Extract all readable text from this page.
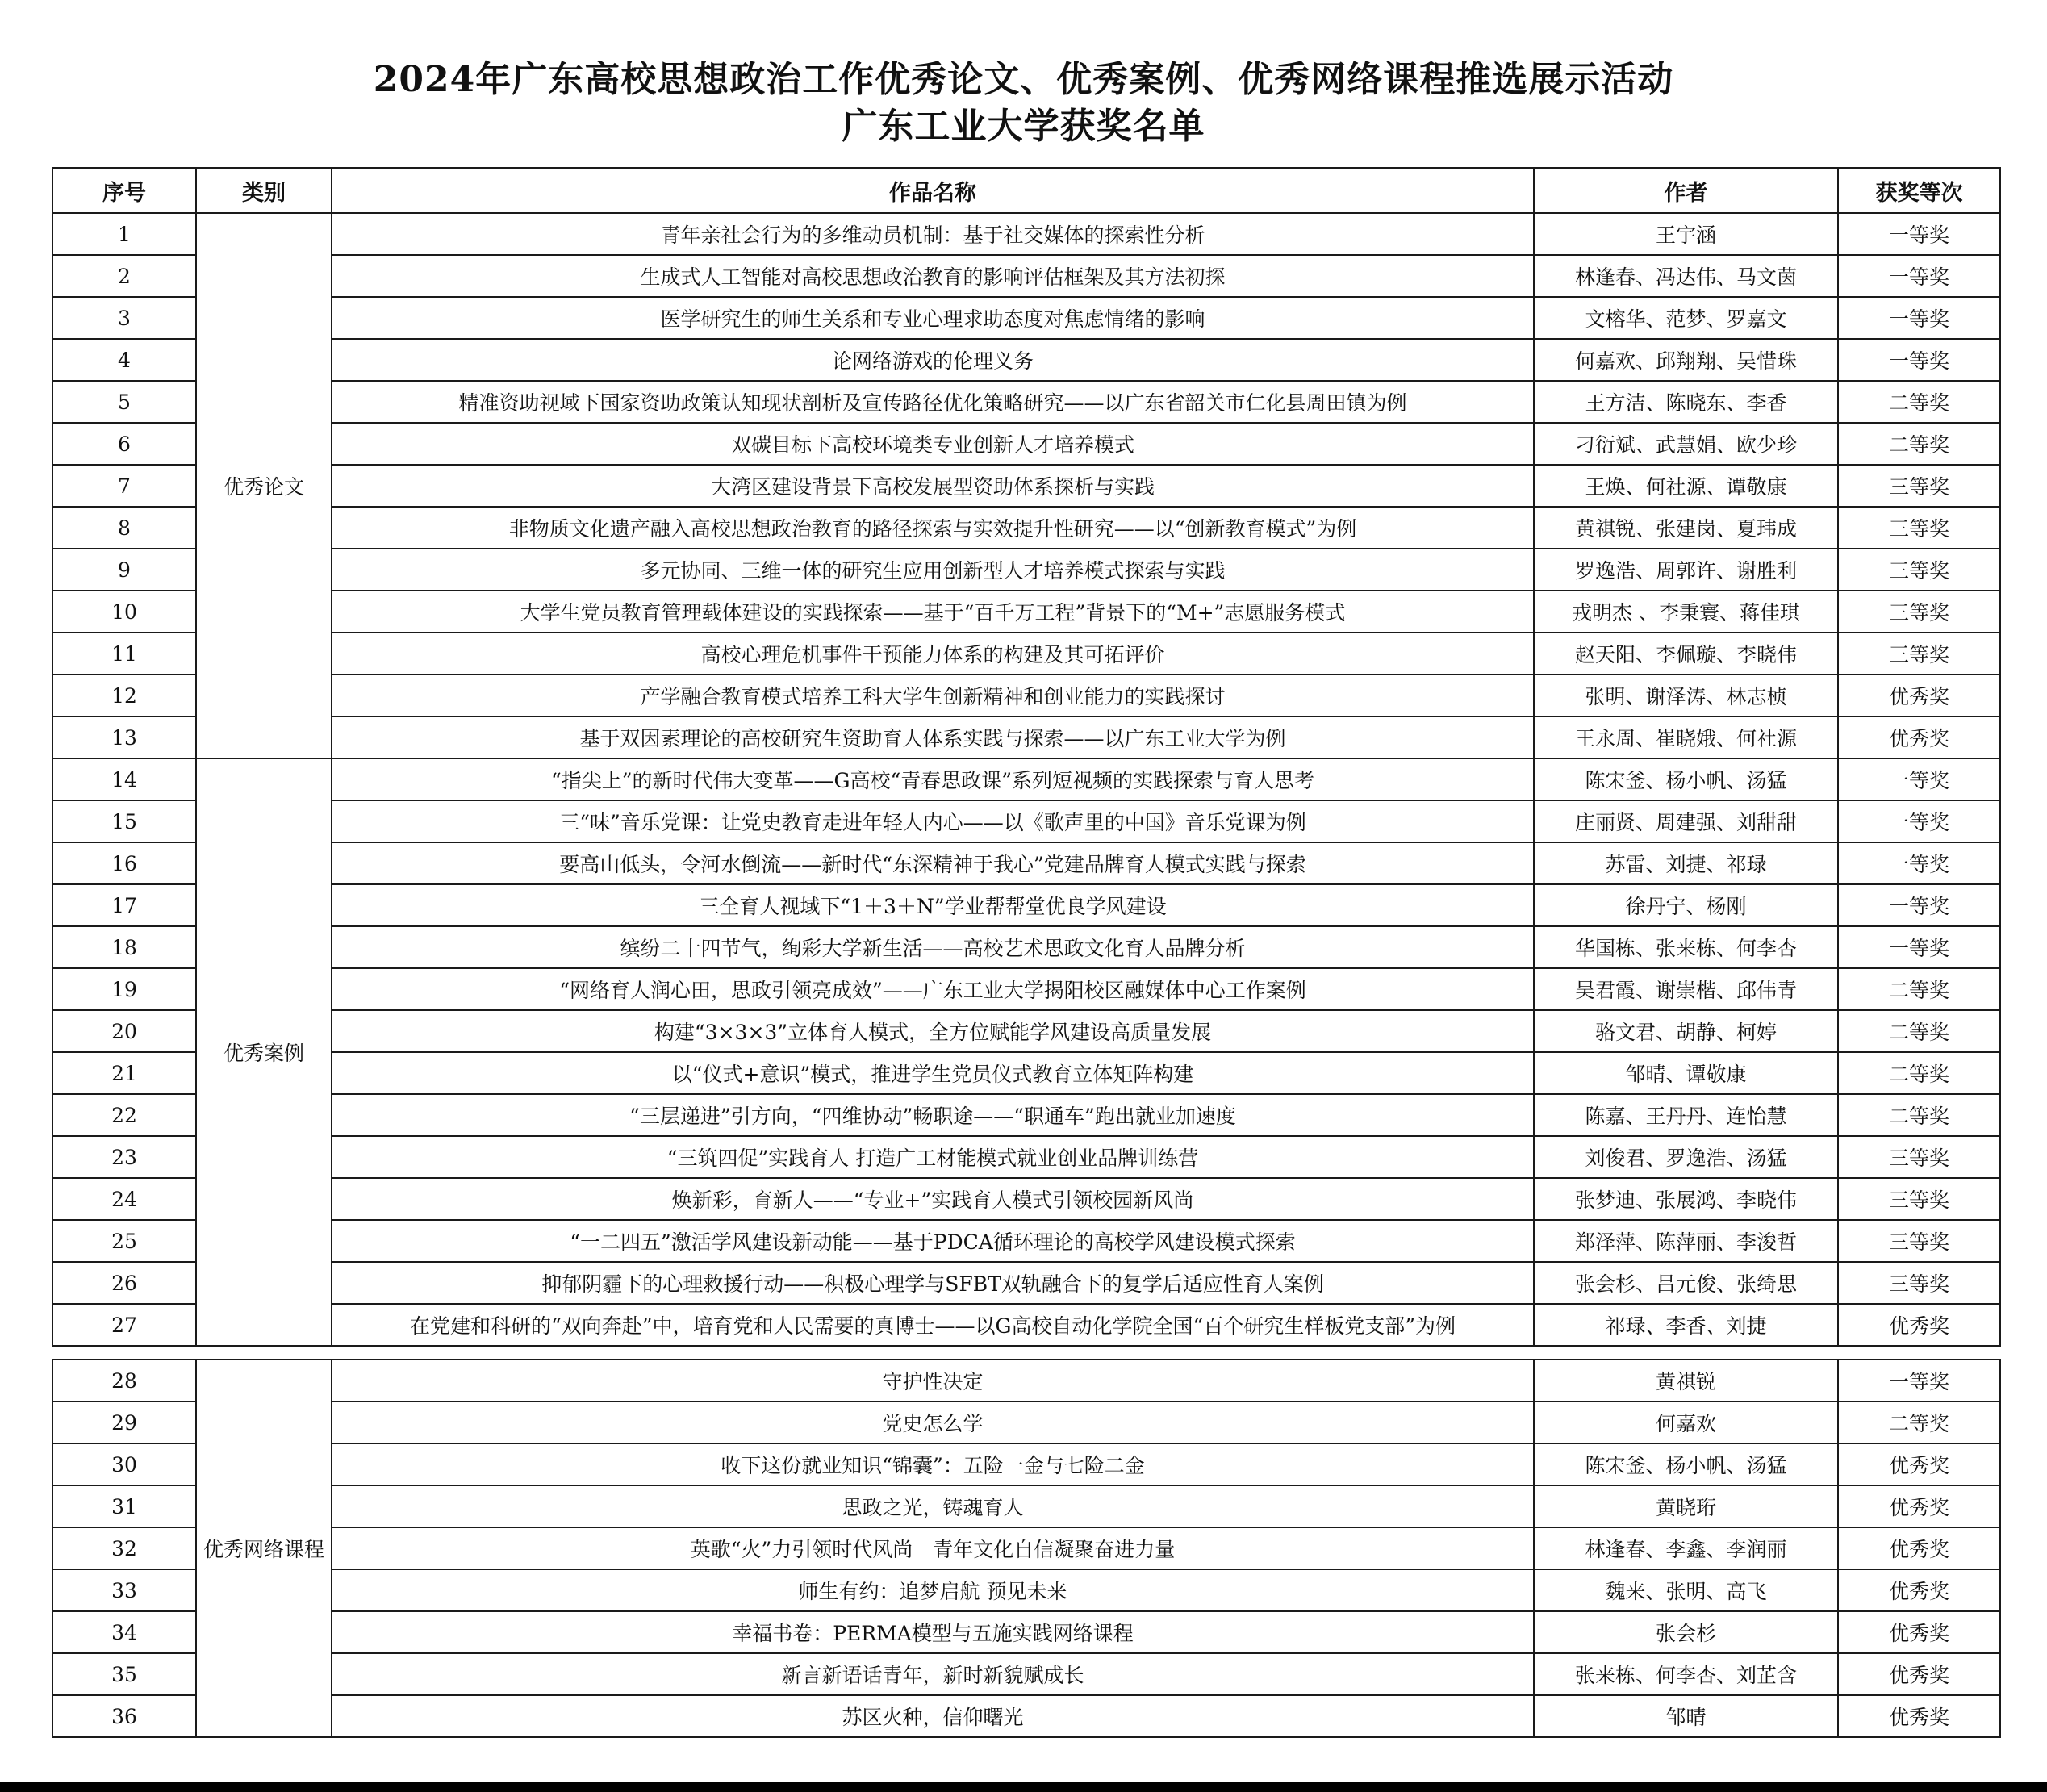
2024年广东高校思想政治工作优秀论文、优秀案例、优秀网络课程推选展示活动
广东工业大学获奖名单
序号	类别	作品名称	作者	获奖等次
1	优秀论文	青年亲社会行为的多维动员机制：基于社交媒体的探索性分析	王宇涵	一等奖
2		生成式人工智能对高校思想政治教育的影响评估框架及其方法初探	林逢春、冯达伟、马文茵	一等奖
3		医学研究生的师生关系和专业心理求助态度对焦虑情绪的影响	文榕华、范梦、罗嘉文	一等奖
4		论网络游戏的伦理义务	何嘉欢、邱翔翔、吴惜珠	一等奖
5		精准资助视域下国家资助政策认知现状剖析及宣传路径优化策略研究——以广东省韶关市仁化县周田镇为例	王方洁、陈晓东、李香	二等奖
6		双碳目标下高校环境类专业创新人才培养模式	刁衍斌、武慧娟、欧少珍	二等奖
7		大湾区建设背景下高校发展型资助体系探析与实践	王焕、何社源、谭敬康	三等奖
8		非物质文化遗产融入高校思想政治教育的路径探索与实效提升性研究——以“创新教育模式”为例	黄祺锐、张建岗、夏玮成	三等奖
9		多元协同、三维一体的研究生应用创新型人才培养模式探索与实践	罗逸浩、周郭许、谢胜利	三等奖
10		大学生党员教育管理载体建设的实践探索——基于“百千万工程”背景下的“M+”志愿服务模式	戎明杰 、李秉寰、蒋佳琪	三等奖
11		高校心理危机事件干预能力体系的构建及其可拓评价	赵天阳、李佩璇、李晓伟	三等奖
12		产学融合教育模式培养工科大学生创新精神和创业能力的实践探讨	张明、谢泽涛、林志桢	优秀奖
13		基于双因素理论的高校研究生资助育人体系实践与探索——以广东工业大学为例	王永周、崔晓娥、何社源	优秀奖
14	优秀案例	“指尖上”的新时代伟大变革——G高校“青春思政课”系列短视频的实践探索与育人思考	陈宋釜、杨小帆、汤猛	一等奖
15		三“味”音乐党课：让党史教育走进年轻人内心——以《歌声里的中国》音乐党课为例	庄丽贤、周建强、刘甜甜	一等奖
16		要高山低头，令河水倒流——新时代“东深精神于我心”党建品牌育人模式实践与探索	苏雷、刘捷、祁琭	一等奖
17		三全育人视域下“1＋3＋N”学业帮帮堂优良学风建设	徐丹宁、杨刚	一等奖
18		缤纷二十四节气，绚彩大学新生活——高校艺术思政文化育人品牌分析	华国栋、张来栋、何李杏	一等奖
19		“网络育人润心田，思政引领亮成效”——广东工业大学揭阳校区融媒体中心工作案例	吴君霞、谢崇楷、邱伟青	二等奖
20		构建“3×3×3”立体育人模式，全方位赋能学风建设高质量发展	骆文君、胡静、柯婷	二等奖
21		以“仪式+意识”模式，推进学生党员仪式教育立体矩阵构建	邹晴、谭敬康	二等奖
22		“三层递进”引方向，“四维协动”畅职途——“职通车”跑出就业加速度	陈嘉、王丹丹、连怡慧	二等奖
23		“三筑四促”实践育人 打造广工材能模式就业创业品牌训练营	刘俊君、罗逸浩、汤猛	三等奖
24		焕新彩，育新人——“专业+”实践育人模式引领校园新风尚	张梦迪、张展鸿、李晓伟	三等奖
25		“一二四五”激活学风建设新动能——基于PDCA循环理论的高校学风建设模式探索	郑泽萍、陈萍丽、李浚哲	三等奖
26		抑郁阴霾下的心理救援行动——积极心理学与SFBT双轨融合下的复学后适应性育人案例	张会杉、吕元俊、张绮思	三等奖
27		在党建和科研的“双向奔赴”中，培育党和人民需要的真博士——以G高校自动化学院全国“百个研究生样板党支部”为例	祁琭、李香、刘捷	优秀奖
28	优秀网络课程	守护性决定	黄祺锐	一等奖
29		党史怎么学	何嘉欢	二等奖
30		收下这份就业知识“锦囊”：五险一金与七险二金	陈宋釜、杨小帆、汤猛	优秀奖
31		思政之光，铸魂育人	黄晓珩	优秀奖
32		英歌“火”力引领时代风尚　青年文化自信凝聚奋进力量	林逢春、李鑫、李润丽	优秀奖
33		师生有约：追梦启航 预见未来	魏来、张明、高飞	优秀奖
34		幸福书卷：PERMA模型与五施实践网络课程	张会杉	优秀奖
35		新言新语话青年，新时新貌赋成长	张来栋、何李杏、刘芷含	优秀奖
36		苏区火种，信仰曙光	邹晴	优秀奖
